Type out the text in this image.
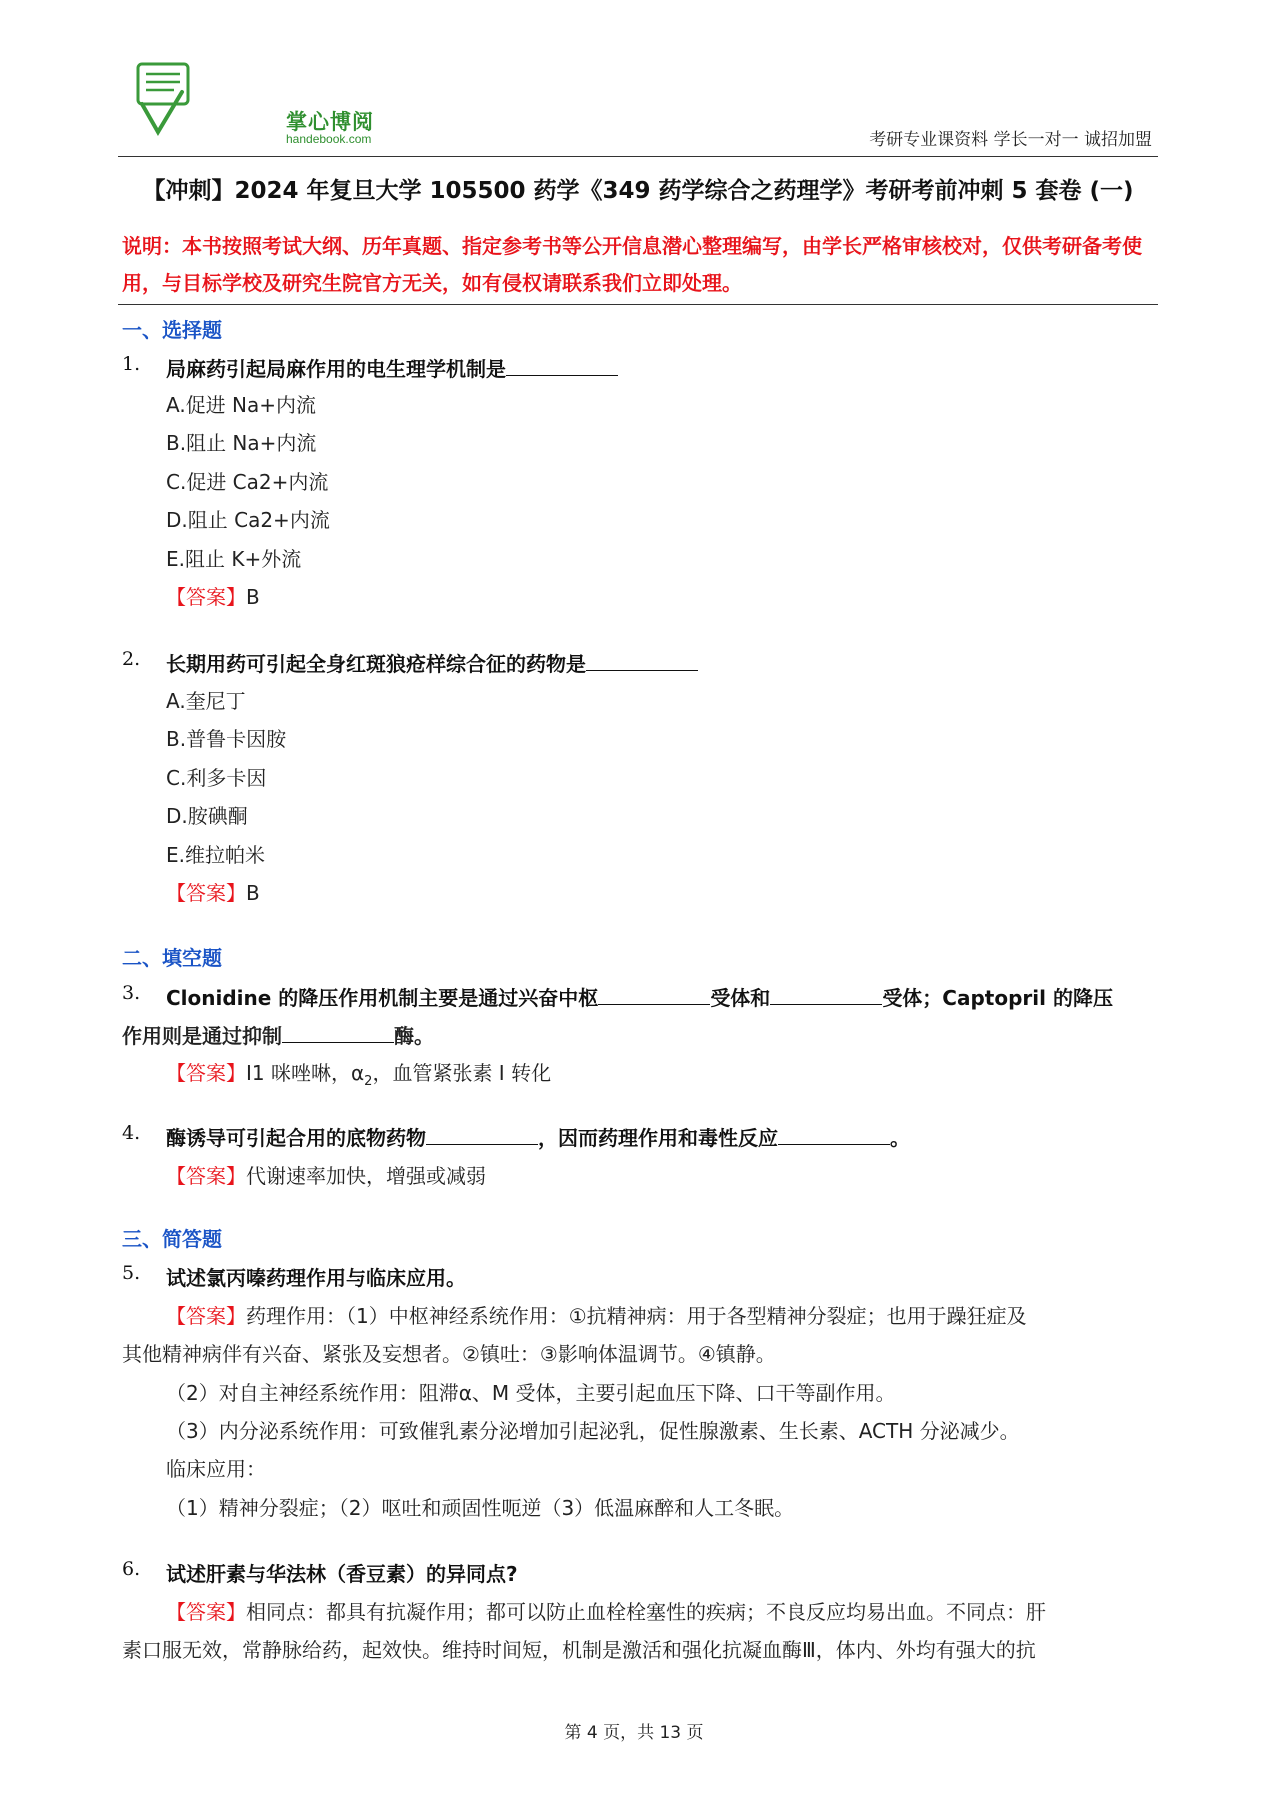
掌心博阅
handebook.com	考研专业课资料 学长一对一 诚招加盟
【冲刺】2024 年复旦大学 105500 药学《349 药学综合之药理学》考研考前冲刺 5 套卷 (一)
说明：本书按照考试大纲、历年真题、指定参考书等公开信息潜心整理编写，由学长严格审核校对，仅供考研备考使用，与目标学校及研究生院官方无关，如有侵权请联系我们立即处理。
一、选择题
1. 局麻药引起局麻作用的电生理学机制是
A.促进 Na+内流
B.阻止 Na+内流
C.促进 Ca2+内流
D.阻止 Ca2+内流
E.阻止 K+外流
【答案】B
2. 长期用药可引起全身红斑狼疮样综合征的药物是
A.奎尼丁
B.普鲁卡因胺
C.利多卡因
D.胺碘酮
E.维拉帕米
【答案】B
二、填空题
3. Clonidine 的降压作用机制主要是通过兴奋中枢	受体和	受体；Captopril 的降压
作用则是通过抑制	酶。
【答案】I1 咪唑啉，$\alpha_2$，血管紧张素 I 转化
4. 酶诱导可引起合用的底物药物	，因而药理作用和毒性反应	。
【答案】代谢速率加快，增强或减弱
三、简答题
5. 试述氯丙嗪药理作用与临床应用。
【答案】药理作用：（1）中枢神经系统作用：①抗精神病：用于各型精神分裂症；也用于躁狂症及
其他精神病伴有兴奋、紧张及妄想者。②镇吐：③影响体温调节。④镇静。
（2）对自主神经系统作用：阻滞α、M 受体，主要引起血压下降、口干等副作用。
（3）内分泌系统作用：可致催乳素分泌增加引起泌乳，促性腺激素、生长素、ACTH 分泌减少。
临床应用：
（1）精神分裂症；（2）呕吐和顽固性呃逆（3）低温麻醉和人工冬眠。
6. 试述肝素与华法林（香豆素）的异同点?
【答案】相同点：都具有抗凝作用；都可以防止血栓栓塞性的疾病；不良反应均易出血。不同点：肝
素口服无效，常静脉给药，起效快。维持时间短，机制是激活和强化抗凝血酶Ⅲ，体内、外均有强大的抗
第 4 页，共 13 页
